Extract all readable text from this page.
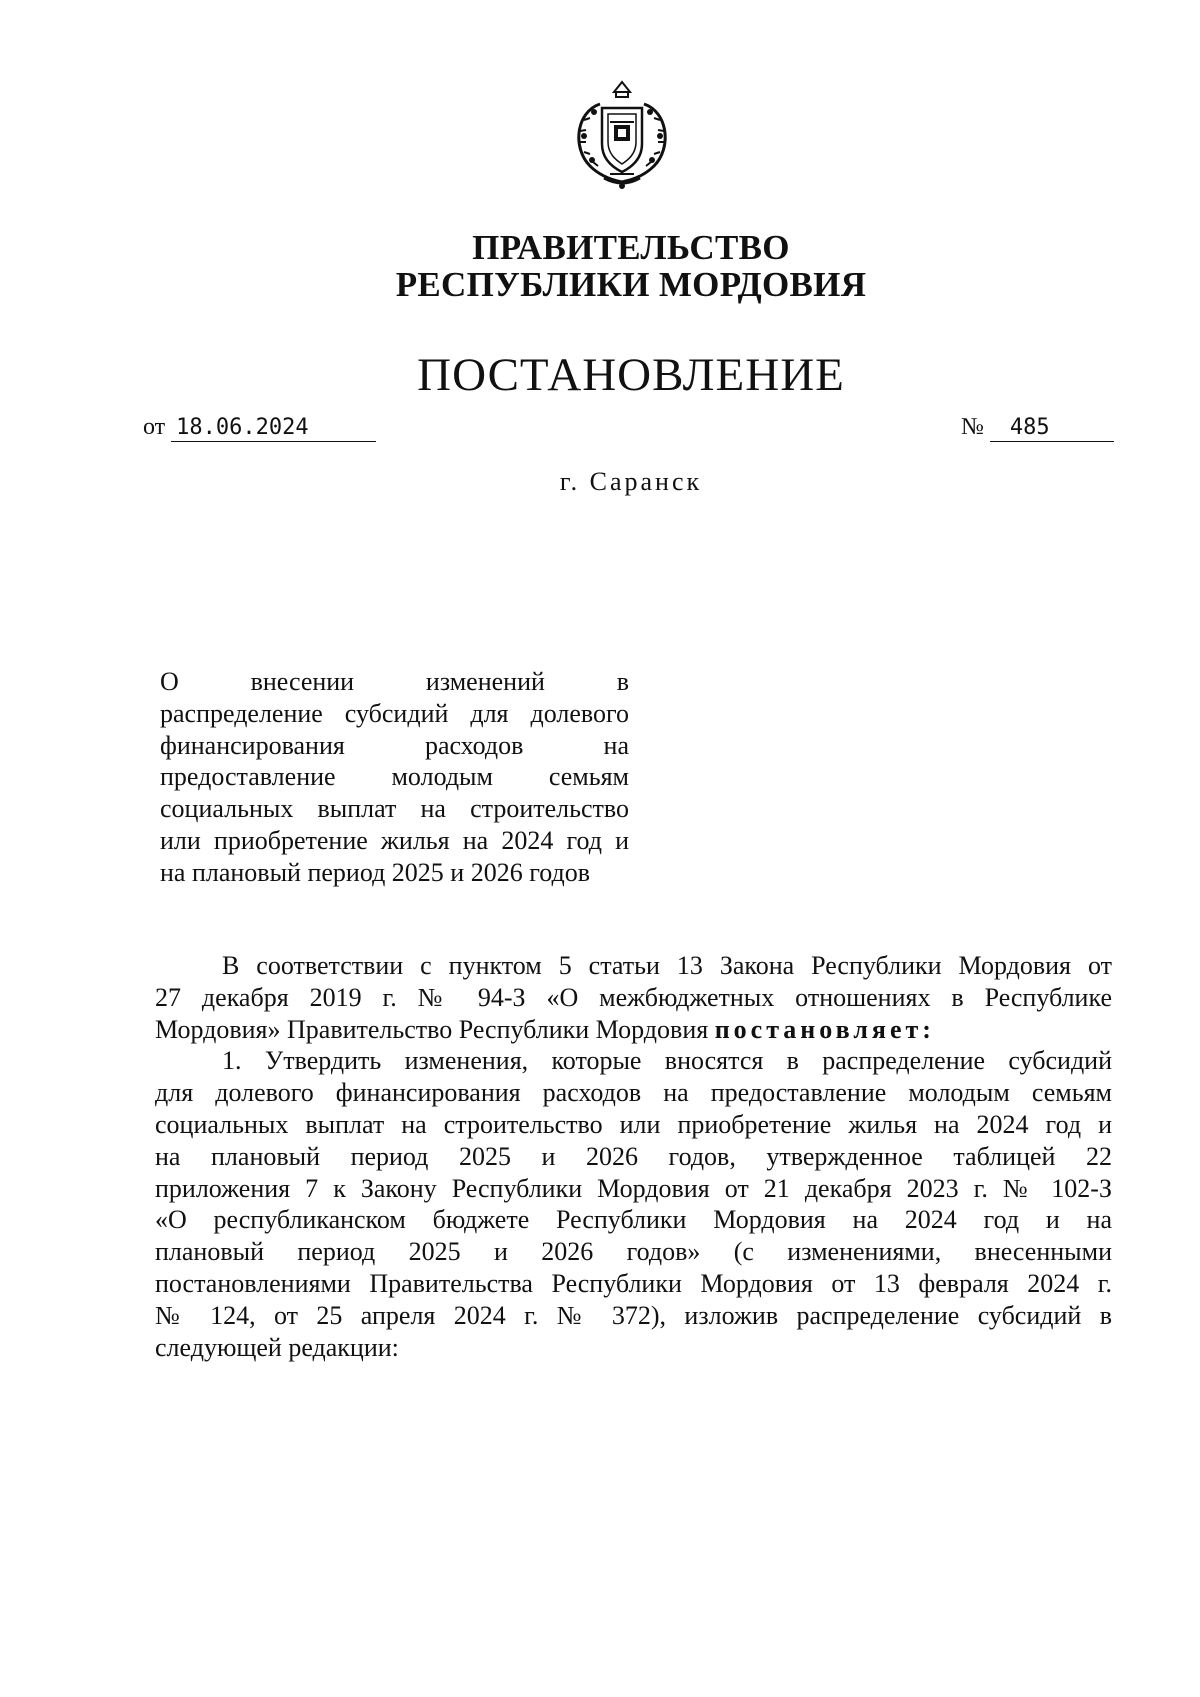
ПРАВИТЕЛЬСТВО
РЕСПУБЛИКИ МОРДОВИЯ
ПОСТАНОВЛЕНИЕ
от 18.06.2024	№ 485
г. Саранск
О внесении изменений в
распределение субсидий для долевого
финансирования расходов на
предоставление молодым семьям
социальных выплат на строительство
или приобретение жилья на 2024 год и
на плановый период 2025 и 2026 годов
В соответствии с пунктом 5 статьи 13 Закона Республики Мордовия от
27 декабря 2019 г. № 94-З «О межбюджетных отношениях в Республике
Мордовия» Правительство Республики Мордовия постановляет:
1. Утвердить изменения, которые вносятся в распределение субсидий
для долевого финансирования расходов на предоставление молодым семьям
социальных выплат на строительство или приобретение жилья на 2024 год и
на плановый период 2025 и 2026 годов, утвержденное таблицей 22
приложения 7 к Закону Республики Мордовия от 21 декабря 2023 г. № 102-З
«О республиканском бюджете Республики Мордовия на 2024 год и на
плановый период 2025 и 2026 годов» (с изменениями, внесенными
постановлениями Правительства Республики Мордовия от 13 февраля 2024 г.
№ 124, от 25 апреля 2024 г. № 372), изложив распределение субсидий в
следующей редакции:
